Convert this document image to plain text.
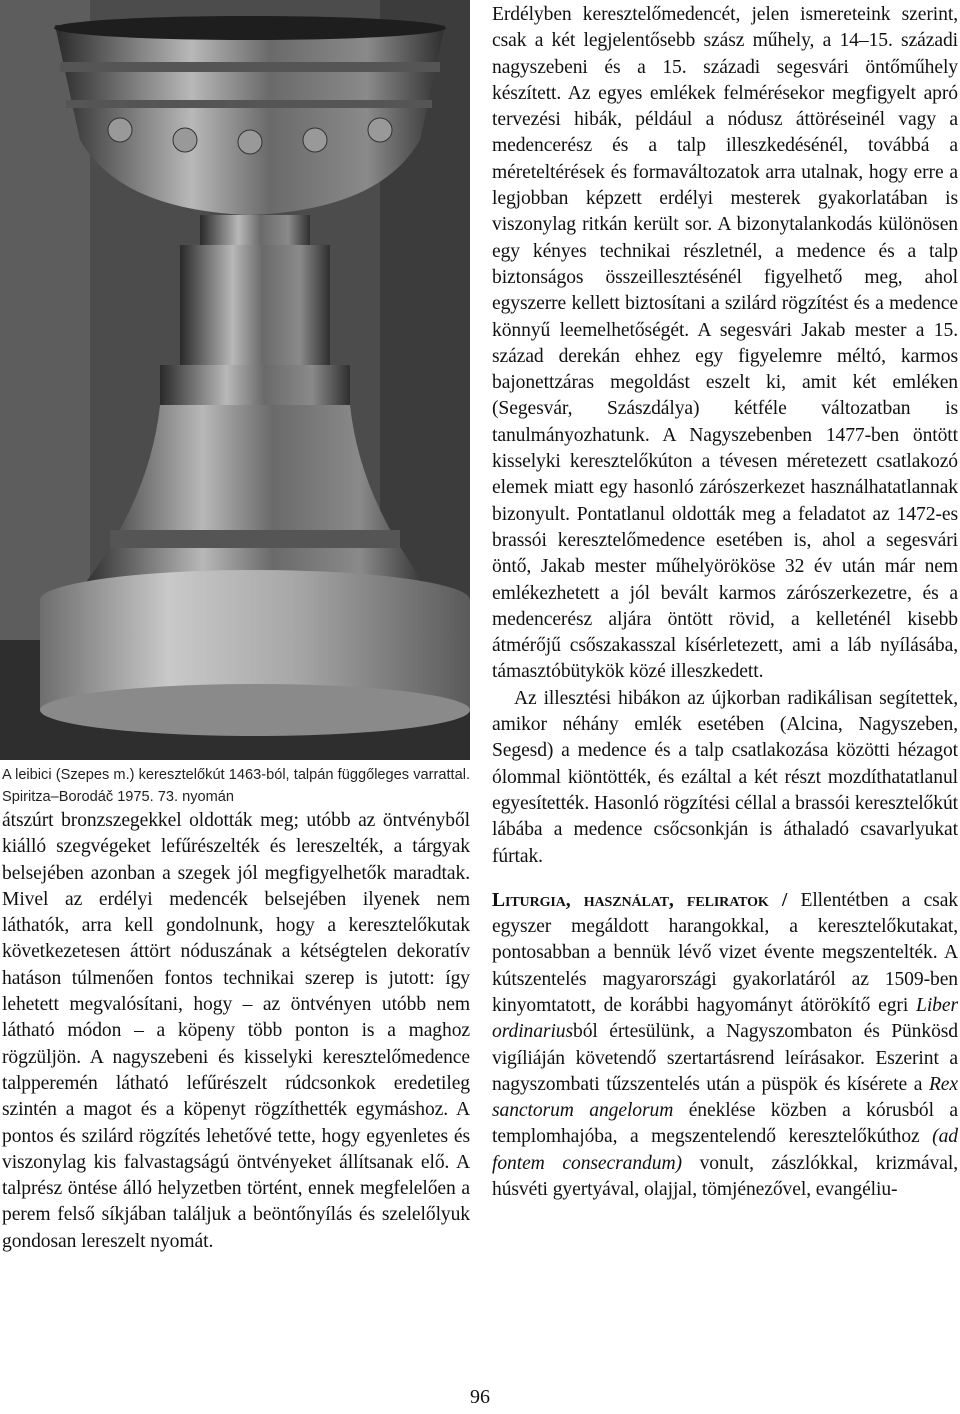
A leibici (Szepes m.) keresztelőkút 1463-ból, talpán függőleges varrattal. Spiritza–Borodáč 1975. 73. nyomán

átszúrt bronzszegekkel oldották meg; utóbb az öntvényből kiálló szegvégeket lefűrészelték és lereszelték, a tárgyak belsejében azonban a szegek jól megfigyelhetők maradtak. Mivel az erdélyi medencék belsejében ilyenek nem láthatók, arra kell gondolnunk, hogy a keresztelőkutak következetesen áttört nóduszának a kétségtelen dekoratív hatáson túlmenően fontos technikai szerep is jutott: így lehetett megvalósítani, hogy – az öntvényen utóbb nem látható módon – a köpeny több ponton is a maghoz rögzüljön. A nagyszebeni és kisselyki keresztelőmedence talpperemén látható lefűrészelt rúdcsonkok eredetileg szintén a magot és a köpenyt rögzíthették egymáshoz. A pontos és szilárd rögzítés lehetővé tette, hogy egyenletes és viszonylag kis falvastagságú öntvényeket állítsanak elő. A talprész öntése álló helyzetben történt, ennek megfelelően a perem felső síkjában találjuk a beöntőnyílás és szelelőlyuk gondosan lereszelt nyomát.

Erdélyben keresztelőmedencét, jelen ismereteink szerint, csak a két legjelentősebb szász műhely, a 14–15. századi nagyszebeni és a 15. századi segesvári öntőműhely készített. Az egyes emlékek felmérésekor megfigyelt apró tervezési hibák, például a nódusz áttöréseinél vagy a medencerész és a talp illeszkedésénél, továbbá a méreteltérések és formaváltozatok arra utalnak, hogy erre a legjobban képzett erdélyi mesterek gyakorlatában is viszonylag ritkán került sor. A bizonytalankodás különösen egy kényes technikai részletnél, a medence és a talp biztonságos összeillesztésénél figyelhető meg, ahol egyszerre kellett biztosítani a szilárd rögzítést és a medence könnyű leemelhetőségét. A segesvári Jakab mester a 15. század derekán ehhez egy figyelemre méltó, karmos bajonettzáras megoldást eszelt ki, amit két emléken (Segesvár, Szászdálya) kétféle változatban is tanulmányozhatunk. A Nagyszebenben 1477-ben öntött kisselyki keresztelőkúton a tévesen méretezett csatlakozó elemek miatt egy hasonló zárószerkezet használhatatlannak bizonyult. Pontatlanul oldották meg a feladatot az 1472-es brassói keresztelőmedence esetében is, ahol a segesvári öntő, Jakab mester műhelyörököse 32 év után már nem emlékezhetett a jól bevált karmos zárószerkezetre, és a medencerész aljára öntött rövid, a kelleténél kisebb átmérőjű csőszakasszal kísérletezett, ami a láb nyílásába, támasztóbütykök közé illeszkedett.

Az illesztési hibákon az újkorban radikálisan segítettek, amikor néhány emlék esetében (Alcina, Nagyszeben, Segesd) a medence és a talp csatlakozása közötti hézagot ólommal kiöntötték, és ezáltal a két részt mozdíthatatlanul egyesítették. Hasonló rögzítési céllal a brassói keresztelőkút lábába a medence csőcsonkján is áthaladó csavarlyukat fúrtak.

Liturgia, használat, feliratok / Ellentétben a csak egyszer megáldott harangokkal, a keresztelőkutakat, pontosabban a bennük lévő vizet évente megszentelték. A kútszentelés magyarországi gyakorlatáról az 1509-ben kinyomtatott, de korábbi hagyományt átörökítő egri Liber ordinariusból értesülünk, a Nagyszombaton és Pünkösd vigíliáján követendő szertartásrend leírásakor. Eszerint a nagyszombati tűzszentelés után a püspök és kísérete a Rex sanctorum angelorum éneklése közben a kórusból a templomhajóba, a megszentelendő keresztelőkúthoz (ad fontem consecrandum) vonult, zászlókkal, krizmával, húsvéti gyertyával, olajjal, tömjénezővel, evangéliu-

96
